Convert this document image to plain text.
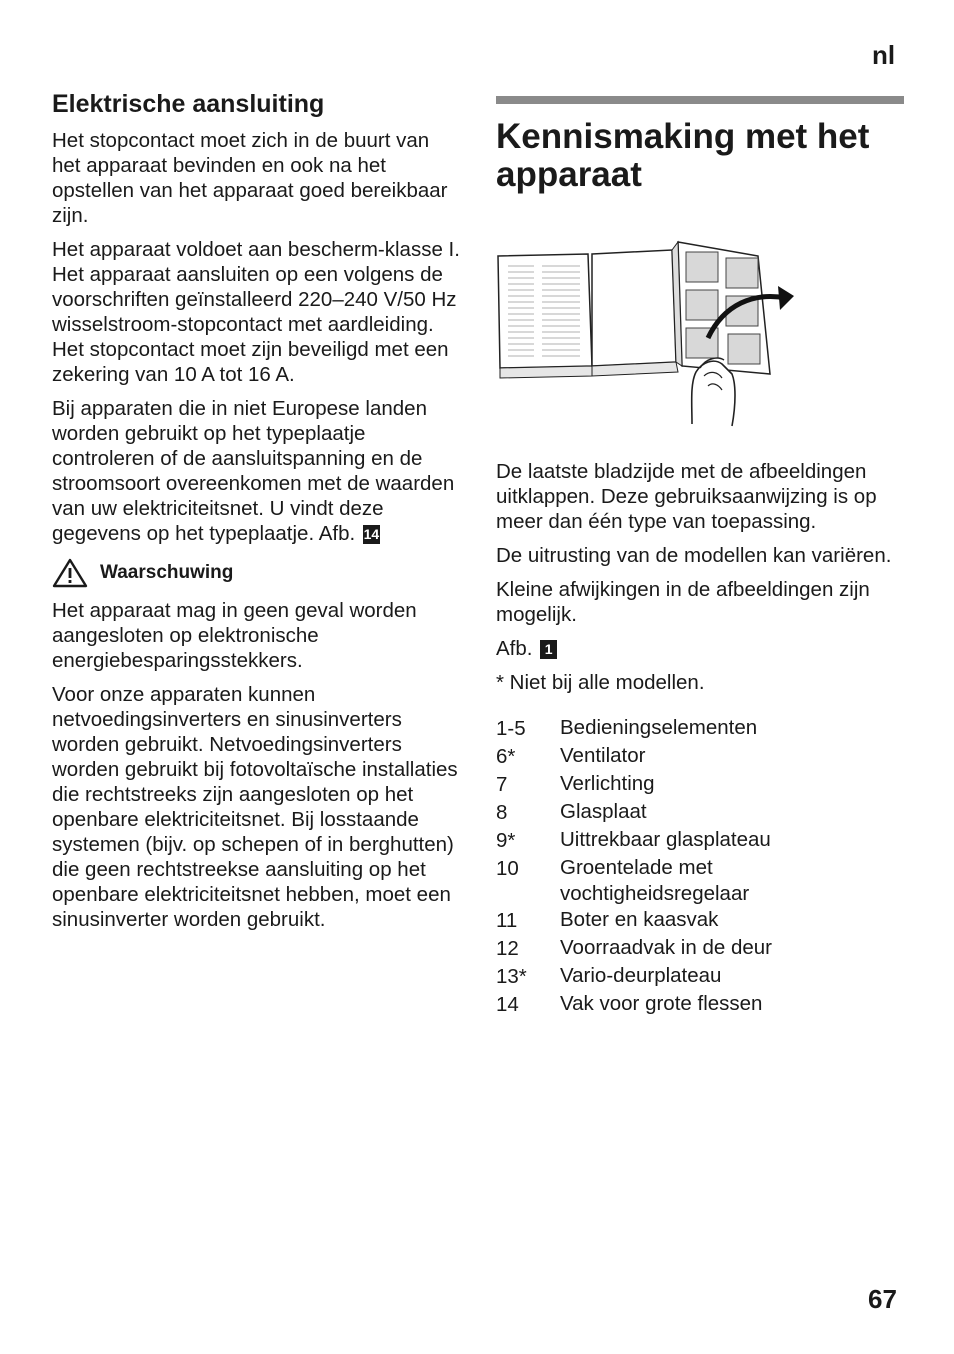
nl
Elektrische aansluiting

Het stopcontact moet zich in de buurt van het apparaat bevinden en ook na het opstellen van het apparaat goed bereikbaar zijn.

Het apparaat voldoet aan bescherm-klasse I. Het apparaat aansluiten op een volgens de voorschriften geïnstalleerd 220–240 V/50 Hz wisselstroom-stopcontact met aardleiding. Het stopcontact moet zijn beveiligd met een zekering van 10 A tot 16 A.

Bij apparaten die in niet Europese landen worden gebruikt op het typeplaatje controleren of de aansluitspanning en de stroomsoort overeenkomen met de waarden van uw elektriciteitsnet. U vindt deze gegevens op het typeplaatje. Afb. 14

Waarschuwing

Het apparaat mag in geen geval worden aangesloten op elektronische energiebesparingsstekkers.

Voor onze apparaten kunnen netvoedingsinverters en sinusinverters worden gebruikt. Netvoedingsinverters worden gebruikt bij fotovoltaïsche installaties die rechtstreeks zijn aangesloten op het openbare elektriciteitsnet. Bij losstaande systemen (bijv. op schepen of in berghutten) die geen rechtstreekse aansluiting op het openbare elektriciteitsnet hebben, moet een sinusinverter worden gebruikt.

Kennismaking met het apparaat

De laatste bladzijde met de afbeeldingen uitklappen. Deze gebruiksaanwijzing is op meer dan één type van toepassing.

De uitrusting van de modellen kan variëren.

Kleine afwijkingen in de afbeeldingen zijn mogelijk.

Afb. 1

* Niet bij alle modellen.

1-5	Bedieningselementen
6*	Ventilator
7	Verlichting
8	Glasplaat
9*	Uittrekbaar glasplateau
10	Groentelade met vochtigheidsregelaar
11	Boter en kaasvak
12	Voorraadvak in de deur
13*	Vario-deurplateau
14	Vak voor grote flessen
67
